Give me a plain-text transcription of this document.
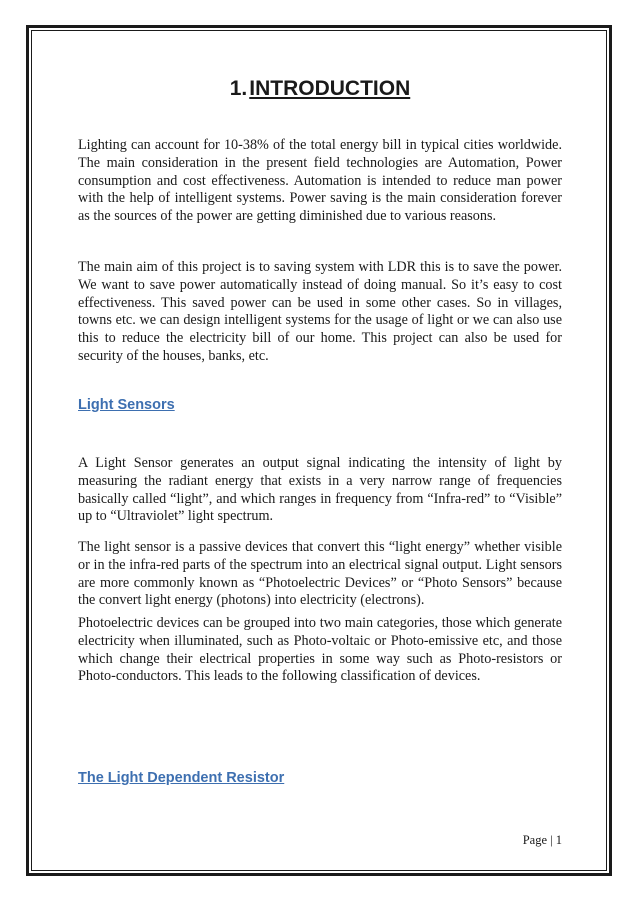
1.INTRODUCTION

Lighting can account for 10-38% of the total energy bill in typical cities worldwide. The main consideration in the present field technologies are Automation, Power consumption and cost effectiveness. Automation is intended to reduce man power with the help of intelligent systems. Power saving is the main consideration forever as the sources of the power are getting diminished due to various reasons.

The main aim of this project is to saving system with LDR this is to save the power. We want to save power automatically instead of doing manual. So it’s easy to cost effectiveness. This saved power can be used in some other cases. So in villages, towns etc. we can design intelligent systems for the usage of light or we can also use this to reduce the electricity bill of our home. This project can also be used for security of the houses, banks, etc.

Light Sensors

A Light Sensor generates an output signal indicating the intensity of light by measuring the radiant energy that exists in a very narrow range of frequencies basically called “light”, and which ranges in frequency from “Infra-red” to “Visible” up to “Ultraviolet” light spectrum.

The light sensor is a passive devices that convert this “light energy” whether visible or in the infra-red parts of the spectrum into an electrical signal output. Light sensors are more commonly known as “Photoelectric Devices” or “Photo Sensors” because the convert light energy (photons) into electricity (electrons).

Photoelectric devices can be grouped into two main categories, those which generate electricity when illuminated, such as Photo-voltaic or Photo-emissive etc, and those which change their electrical properties in some way such as Photo-resistors or Photo-conductors. This leads to the following classification of devices.

The Light Dependent Resistor
Page | 1
